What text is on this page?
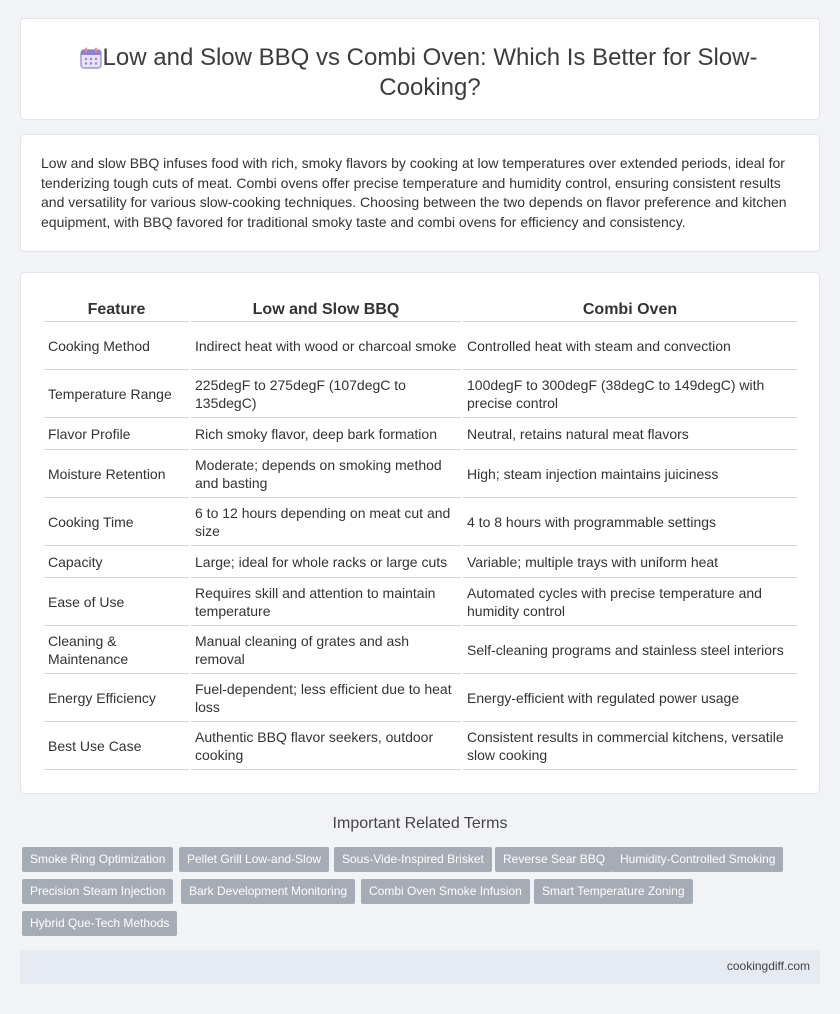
Low and Slow BBQ vs Combi Oven: Which Is Better for Slow-Cooking?

Low and slow BBQ infuses food with rich, smoky flavors by cooking at low temperatures over extended periods, ideal for tenderizing tough cuts of meat. Combi ovens offer precise temperature and humidity control, ensuring consistent results and versatility for various slow-cooking techniques. Choosing between the two depends on flavor preference and kitchen equipment, with BBQ favored for traditional smoky taste and combi ovens for efficiency and consistency.

Feature	Low and Slow BBQ	Combi Oven
Cooking Method	Indirect heat with wood or charcoal smoke	Controlled heat with steam and convection
Temperature Range	225degF to 275degF (107degC to 135degC)	100degF to 300degF (38degC to 149degC) with precise control
Flavor Profile	Rich smoky flavor, deep bark formation	Neutral, retains natural meat flavors
Moisture Retention	Moderate; depends on smoking method and basting	High; steam injection maintains juiciness
Cooking Time	6 to 12 hours depending on meat cut and size	4 to 8 hours with programmable settings
Capacity	Large; ideal for whole racks or large cuts	Variable; multiple trays with uniform heat
Ease of Use	Requires skill and attention to maintain temperature	Automated cycles with precise temperature and humidity control
Cleaning & Maintenance	Manual cleaning of grates and ash removal	Self-cleaning programs and stainless steel interiors
Energy Efficiency	Fuel-dependent; less efficient due to heat loss	Energy-efficient with regulated power usage
Best Use Case	Authentic BBQ flavor seekers, outdoor cooking	Consistent results in commercial kitchens, versatile slow cooking
Important Related Terms
Smoke Ring Optimization	Pellet Grill Low-and-Slow	Sous-Vide-Inspired Brisket	Reverse Sear BBQ	Humidity-Controlled Smoking
Precision Steam Injection	Bark Development Monitoring	Combi Oven Smoke Infusion	Smart Temperature Zoning
Hybrid Que-Tech Methods
cookingdiff.com
